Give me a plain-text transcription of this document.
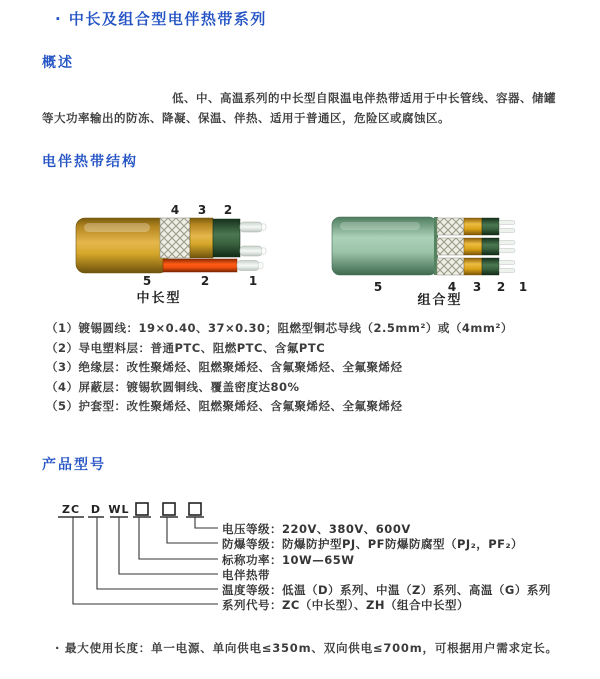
· 中长及组合型电伴热带系列
概述
低、中、高温系列的中长型自限温电伴热带适用于中长管线、容器、储罐等大功率输出的防冻、降凝、保温、伴热、适用于普通区，危险区或腐蚀区。
电伴热带结构
4 3 2
5	2	1
中长型
5	4 3 2 1
组合型
（1）镀锡圆线：19×0.40、37×0.30；阻燃型铜芯导线（2.5mm²）或（4mm²）
（2）导电塑料层：普通PTC、阻燃PTC、含氟PTC
（3）绝缘层：改性聚烯烃、阻燃聚烯烃、含氟聚烯烃、全氟聚烯烃
（4）屏蔽层：镀锡软圆铜线、覆盖密度达80%
（5）护套型：改性聚烯烃、阻燃聚烯烃、含氟聚烯烃、全氟聚烯烃
产品型号
ZC D WL
电压等级：220V、380V、600V
防爆等级：防爆防护型PJ、PF防爆防腐型（PJ₂，PF₂）
标称功率：10W—65W
电伴热带
温度等级：低温（D）系列、中温（Z）系列、高温（G）系列
系列代号：ZC（中长型）、ZH（组合中长型）
· 最大使用长度：单一电源、单向供电≤350m、双向供电≤700m，可根据用户需求定长。
